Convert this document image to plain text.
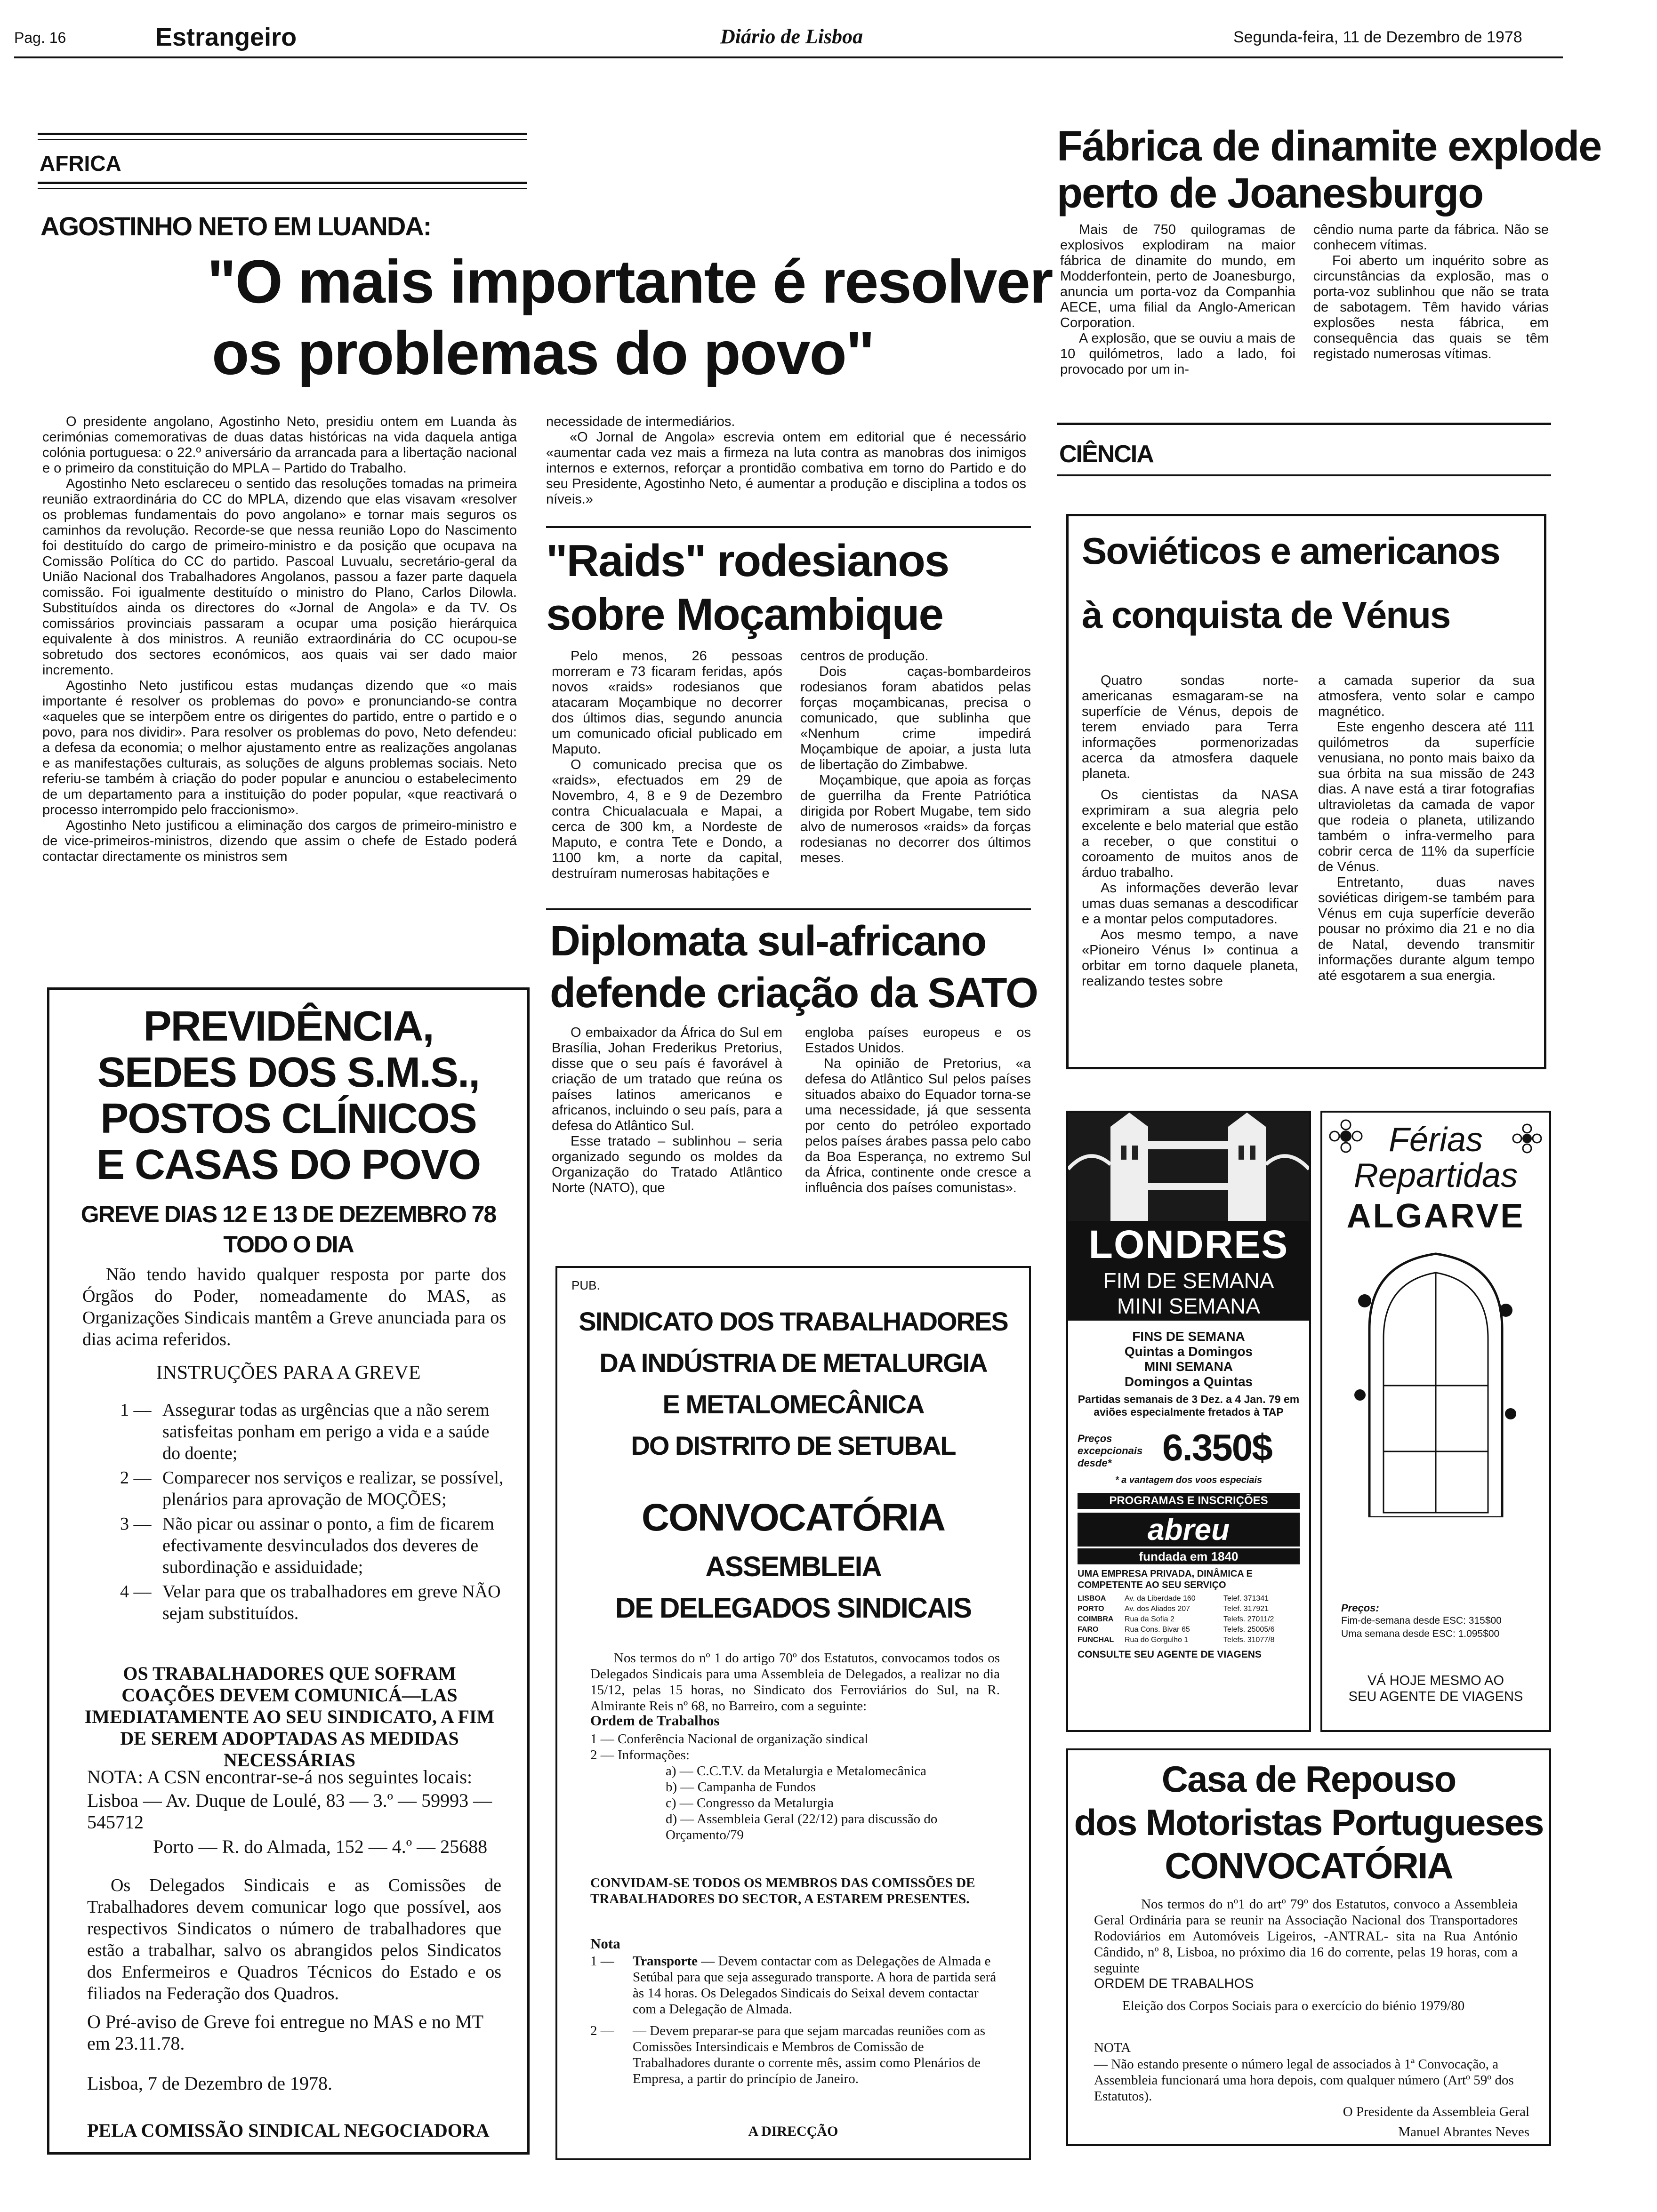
Pag. 16	Estrangeiro	Diário de Lisboa	Segunda-feira, 11 de Dezembro de 1978
AFRICA
AGOSTINHO NETO EM LUANDA:
"O mais importante é resolver
os problemas do povo"

O presidente angolano, Agostinho Neto, presidiu ontem em Luanda às cerimónias comemorativas de duas datas históricas na vida daquela antiga colónia portuguesa: o 22.º aniversário da arrancada para a libertação nacional e o primeiro da constituição do MPLA – Partido do Trabalho.

Agostinho Neto esclareceu o sentido das resoluções tomadas na primeira reunião extraordinária do CC do MPLA, dizendo que elas visavam «resolver os problemas fundamentais do povo angolano» e tornar mais seguros os caminhos da revolução. Recorde-se que nessa reunião Lopo do Nascimento foi destituído do cargo de primeiro-ministro e da posição que ocupava na Comissão Política do CC do partido. Pascoal Luvualu, secretário-geral da União Nacional dos Trabalhadores Angolanos, passou a fazer parte daquela comissão. Foi igualmente destituído o ministro do Plano, Carlos Dilowla. Substituídos ainda os directores do «Jornal de Angola» e da TV. Os comissários provinciais passaram a ocupar uma posição hierárquica equivalente à dos ministros. A reunião extraordinária do CC ocupou-se sobretudo dos sectores económicos, aos quais vai ser dado maior incremento.

Agostinho Neto justificou estas mudanças dizendo que «o mais importante é resolver os problemas do povo» e pronunciando-se contra «aqueles que se interpõem entre os dirigentes do partido, entre o partido e o povo, para nos dividir». Para resolver os problemas do povo, Neto defendeu: a defesa da economia; o melhor ajustamento entre as realizações angolanas e as manifestações culturais, as soluções de alguns problemas sociais. Neto referiu-se também à criação do poder popular e anunciou o estabelecimento de um departamento para a instituição do poder popular, «que reactivará o processo interrompido pelo fraccionismo».

Agostinho Neto justificou a eliminação dos cargos de primeiro-ministro e de vice-primeiros-ministros, dizendo que assim o chefe de Estado poderá contactar directamente os ministros sem

necessidade de intermediários.

«O Jornal de Angola» escrevia ontem em editorial que é necessário «aumentar cada vez mais a firmeza na luta contra as manobras dos inimigos internos e externos, reforçar a prontidão combativa em torno do Partido e do seu Presidente, Agostinho Neto, é aumentar a produção e disciplina a todos os níveis.»

"Raids" rodesianos
sobre Moçambique

Pelo menos, 26 pessoas morreram e 73 ficaram feridas, após novos «raids» rodesianos que atacaram Moçambique no decorrer dos últimos dias, segundo anuncia um comunicado oficial publicado em Maputo.

O comunicado precisa que os «raids», efectuados em 29 de Novembro, 4, 8 e 9 de Dezembro contra Chicualacuala e Mapai, a cerca de 300 km, a Nordeste de Maputo, e contra Tete e Dondo, a 1100 km, a norte da capital, destruíram numerosas habitações e

centros de produção.

Dois caças-bombardeiros rodesianos foram abatidos pelas forças moçambicanas, precisa o comunicado, que sublinha que «Nenhum crime impedirá Moçambique de apoiar, a justa luta de libertação do Zimbabwe.

Moçambique, que apoia as forças de guerrilha da Frente Patriótica dirigida por Robert Mugabe, tem sido alvo de numerosos «raids» da forças rodesianas no decorrer dos últimos meses.

Diplomata sul-africano
defende criação da SATO

O embaixador da África do Sul em Brasília, Johan Frederikus Pretorius, disse que o seu país é favorável à criação de um tratado que reúna os países latinos americanos e africanos, incluindo o seu país, para a defesa do Atlântico Sul.

Esse tratado – sublinhou – seria organizado segundo os moldes da Organização do Tratado Atlântico Norte (NATO), que

engloba países europeus e os Estados Unidos.

Na opinião de Pretorius, «a defesa do Atlântico Sul pelos países situados abaixo do Equador torna-se uma necessidade, já que sessenta por cento do petróleo exportado pelos países árabes passa pelo cabo da Boa Esperança, no extremo Sul da África, continente onde cresce a influência dos países comunistas».

Fábrica de dinamite explode
perto de Joanesburgo

Mais de 750 quilogramas de explosivos explodiram na maior fábrica de dinamite do mundo, em Modderfontein, perto de Joanesburgo, anuncia um porta-voz da Companhia AECE, uma filial da Anglo-American Corporation.

A explosão, que se ouviu a mais de 10 quilómetros, lado a lado, foi provocado por um in-

cêndio numa parte da fábrica. Não se conhecem vítimas.

Foi aberto um inquérito sobre as circunstâncias da explosão, mas o porta-voz sublinhou que não se trata de sabotagem. Têm havido várias explosões nesta fábrica, em consequência das quais se têm registado numerosas vítimas.

CIÊNCIA
Soviéticos e americanos
à conquista de Vénus

Quatro sondas norte-americanas esmagaram-se na superfície de Vénus, depois de terem enviado para Terra informações pormenorizadas acerca da atmosfera daquele planeta.

Os cientistas da NASA exprimiram a sua alegria pelo excelente e belo material que estão a receber, o que constitui o coroamento de muitos anos de árduo trabalho.

As informações deverão levar umas duas semanas a descodificar e a montar pelos computadores.

Aos mesmo tempo, a nave «Pioneiro Vénus I» continua a orbitar em torno daquele planeta, realizando testes sobre

a camada superior da sua atmosfera, vento solar e campo magnético.

Este engenho descera até 111 quilómetros da superfície venusiana, no ponto mais baixo da sua órbita na sua missão de 243 dias. A nave está a tirar fotografias ultravioletas da camada de vapor que rodeia o planeta, utilizando também o infra-vermelho para cobrir cerca de 11% da superfície de Vénus.

Entretanto, duas naves soviéticas dirigem-se também para Vénus em cuja superfície deverão pousar no próximo dia 21 e no dia de Natal, devendo transmitir informações durante algum tempo até esgotarem a sua energia.

PREVIDÊNCIA,
SEDES DOS S.M.S.,
POSTOS CLÍNICOS
E CASAS DO POVO
GREVE DIAS 12 E 13 DE DEZEMBRO 78
TODO O DIA
Não tendo havido qualquer resposta por parte dos Órgãos do Poder, nomeadamente do MAS, as Organizações Sindicais mantêm a Greve anunciada para os dias acima referidos.
INSTRUÇÕES PARA A GREVE
1 — Assegurar todas as urgências que a não serem satisfeitas ponham em perigo a vida e a saúde do doente;
2 — Comparecer nos serviços e realizar, se possível, plenários para aprovação de MOÇÕES;
3 — Não picar ou assinar o ponto, a fim de ficarem efectivamente desvinculados dos deveres de subordinação e assiduidade;
4 — Velar para que os trabalhadores em greve NÃO sejam substituídos.
OS TRABALHADORES QUE SOFRAM COAÇÕES DEVEM COMUNICÁ—LAS IMEDIATAMENTE AO SEU SINDICATO, A FIM DE SEREM ADOPTADAS AS MEDIDAS NECESSÁRIAS
NOTA: A CSN encontrar-se-á nos seguintes locais:
Lisboa — Av. Duque de Loulé, 83 — 3.º — 59993 — 545712
Porto — R. do Almada, 152 — 4.º — 25688
Os Delegados Sindicais e as Comissões de Trabalhadores devem comunicar logo que possível, aos respectivos Sindicatos o número de trabalhadores que estão a trabalhar, salvo os abrangidos pelos Sindicatos dos Enfermeiros e Quadros Técnicos do Estado e os filiados na Federação dos Quadros.
O Pré-aviso de Greve foi entregue no MAS e no MT em 23.11.78.
Lisboa, 7 de Dezembro de 1978.
PELA COMISSÃO SINDICAL NEGOCIADORA
PUB.
SINDICATO DOS TRABALHADORES
DA INDÚSTRIA DE METALURGIA
E METALOMECÂNICA
DO DISTRITO DE SETUBAL
CONVOCATÓRIA
ASSEMBLEIA
DE DELEGADOS SINDICAIS
Nos termos do nº 1 do artigo 70º dos Estatutos, convocamos todos os Delegados Sindicais para uma Assembleia de Delegados, a realizar no dia 15/12, pelas 15 horas, no Sindicato dos Ferroviários do Sul, na R. Almirante Reis nº 68, no Barreiro, com a seguinte:
Ordem de Trabalhos
1 — Conferência Nacional de organização sindical
2 — Informações:
a) — C.C.T.V. da Metalurgia e Metalomecânica
b) — Campanha de Fundos
c) — Congresso da Metalurgia
d) — Assembleia Geral (22/12) para discussão do Orçamento/79
CONVIDAM-SE TODOS OS MEMBROS DAS COMISSÕES DE TRABALHADORES DO SECTOR, A ESTAREM PRESENTES.
Nota
1 —	Transporte — Devem contactar com as Delegações de Almada e Setúbal para que seja assegurado transporte. A hora de partida será às 14 horas. Os Delegados Sindicais do Seixal devem contactar com a Delegação de Almada.
2 —	— Devem preparar-se para que sejam marcadas reuniões com as Comissões Intersindicais e Membros de Comissão de Trabalhadores durante o corrente mês, assim como Plenários de Empresa, a partir do princípio de Janeiro.
A DIRECÇÃO
LONDRES
FIM DE SEMANA
MINI SEMANA
FINS DE SEMANA
Quintas a Domingos
MINI SEMANA
Domingos a Quintas
Partidas semanais de 3 Dez. a 4 Jan. 79 em aviões especialmente fretados à TAP
Preços excepcionais desde*	6.350$
* a vantagem dos voos especiais
PROGRAMAS E INSCRIÇÕES
abreu
fundada em 1840
UMA EMPRESA PRIVADA, DINÂMICA E COMPETENTE AO SEU SERVIÇO
LISBOA	Av. da Liberdade 160	Telef. 371341
PORTO	Av. dos Aliados 207	Telef. 317921
COIMBRA	Rua da Sofia 2	Telefs. 27011/2
FARO	Rua Cons. Bivar 65	Telefs. 25005/6
FUNCHAL	Rua do Gorgulho 1	Telefs. 31077/8
CONSULTE SEU AGENTE DE VIAGENS
Férias
Repartidas
ALGARVE
Preços:
Fim-de-semana desde ESC: 315$00
Uma semana desde ESC: 1.095$00
VÁ HOJE MESMO AO
SEU AGENTE DE VIAGENS
Casa de Repouso
dos Motoristas Portugueses
CONVOCATÓRIA
Nos termos do nº1 do artº 79º dos Estatutos, convoco a Assembleia Geral Ordinária para se reunir na Associação Nacional dos Transportadores Rodoviários em Automóveis Ligeiros, -ANTRAL- sita na Rua António Cândido, nº 8, Lisboa, no próximo dia 16 do corrente, pelas 19 horas, com a seguinte
ORDEM DE TRABALHOS
Eleição dos Corpos Sociais para o exercício do biénio 1979/80
NOTA
— Não estando presente o número legal de associados à 1ª Convocação, a Assembleia funcionará uma hora depois, com qualquer número (Artº 59º dos Estatutos).
O Presidente da Assembleia Geral
Manuel Abrantes Neves
